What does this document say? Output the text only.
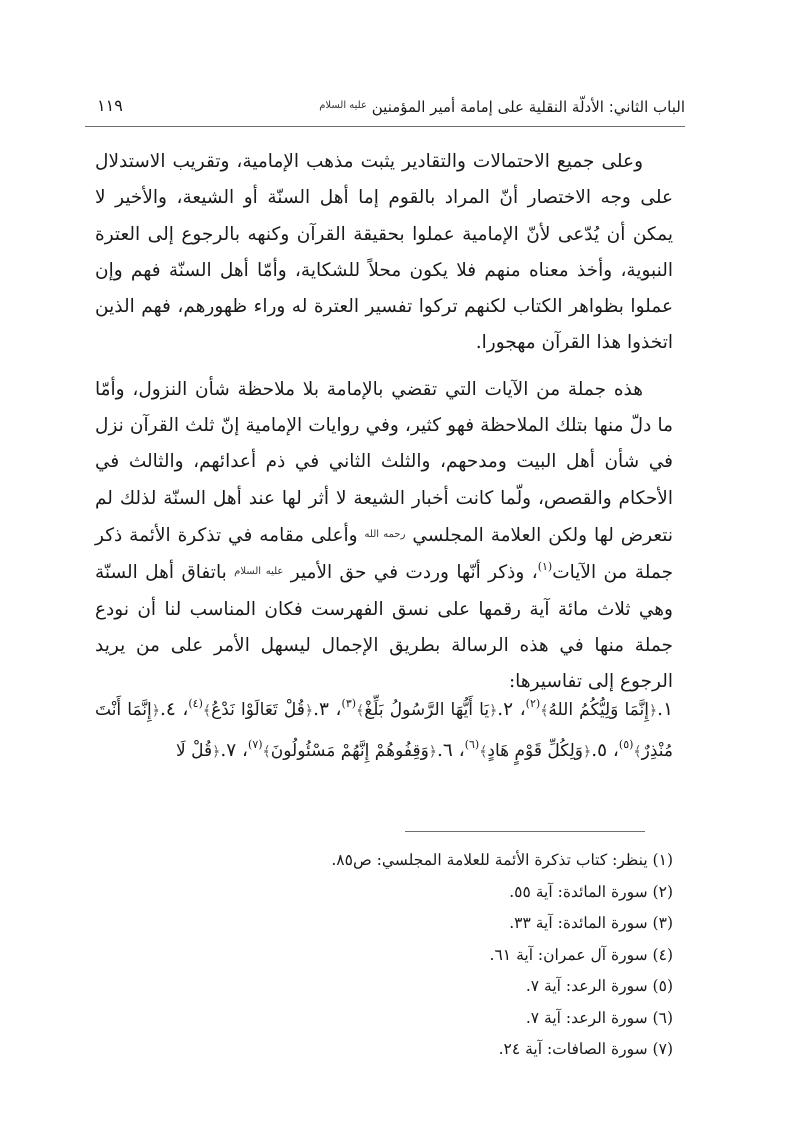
الباب الثاني: الأدلّة النقلية على إمامة أمير المؤمنين $^{عليه السلام}$
١١٩

وعلى جميع الاحتمالات والتقادير يثبت مذهب الإمامية، وتقريب الاستدلال على وجه الاختصار أنّ المراد بالقوم إما أهل السنّة أو الشيعة، والأخير لا يمكن أن يُدّعى لأنّ الإمامية عملوا بحقيقة القرآن وكنهه بالرجوع إلى العترة النبوية، وأخذ معناه منهم فلا يكون محلاً للشكاية، وأمّا أهل السنّة فهم وإن عملوا بظواهر الكتاب لكنهم تركوا تفسير العترة له وراء ظهورهم، فهم الذين اتخذوا هذا القرآن مهجورا.

هذه جملة من الآيات التي تقضي بالإمامة بلا ملاحظة شأن النزول، وأمّا ما دلّ منها بتلك الملاحظة فهو كثير، وفي روايات الإمامية إنّ ثلث القرآن نزل في شأن أهل البيت ومدحهم، والثلث الثاني في ذم أعدائهم، والثالث في الأحكام والقصص، ولّما كانت أخبار الشيعة لا أثر لها عند أهل السنّة لذلك لم نتعرض لها ولكن العلامة المجلسي $^{رحمه الله}$ وأعلى مقامه في تذكرة الأئمة ذكر جملة من الآيات$^{(١)}$، وذكر أنّها وردت في حق الأمير $^{عليه السلام}$ باتفاق أهل السنّة وهي ثلاث مائة آية رقمها على نسق الفهرست فكان المناسب لنا أن نودع جملة منها في هذه الرسالة بطريق الإجمال ليسهل الأمر على من يريد الرجوع إلى تفاسيرها:

١.﴿إِنَّمَا وَلِيُّكُمُ اللهُ﴾$^{(٢)}$، ٢.﴿يَا أَيُّهَا الرَّسُولُ بَلِّغْ﴾$^{(٣)}$، ٣.﴿قُلْ تَعَالَوْا نَدْعُ﴾$^{(٤)}$، ٤.﴿إِنَّمَا أَنْتَ مُنْذِرٌ﴾$^{(٥)}$، ٥.﴿وَلِكُلِّ قَوْمٍ هَادٍ﴾$^{(٦)}$، ٦.﴿وَقِفُوهُمْ إِنَّهُمْ مَسْئُولُونَ﴾$^{(٧)}$، ٧.﴿قُلْ لَا
(١) ينظر: كتاب تذكرة الأئمة للعلامة المجلسي: ص٨٥.
(٢) سورة المائدة: آية ٥٥.
(٣) سورة المائدة: آية ٣٣.
(٤) سورة آل عمران: آية ٦١.
(٥) سورة الرعد: آية ٧.
(٦) سورة الرعد: آية ٧.
(٧) سورة الصافات: آية ٢٤.
